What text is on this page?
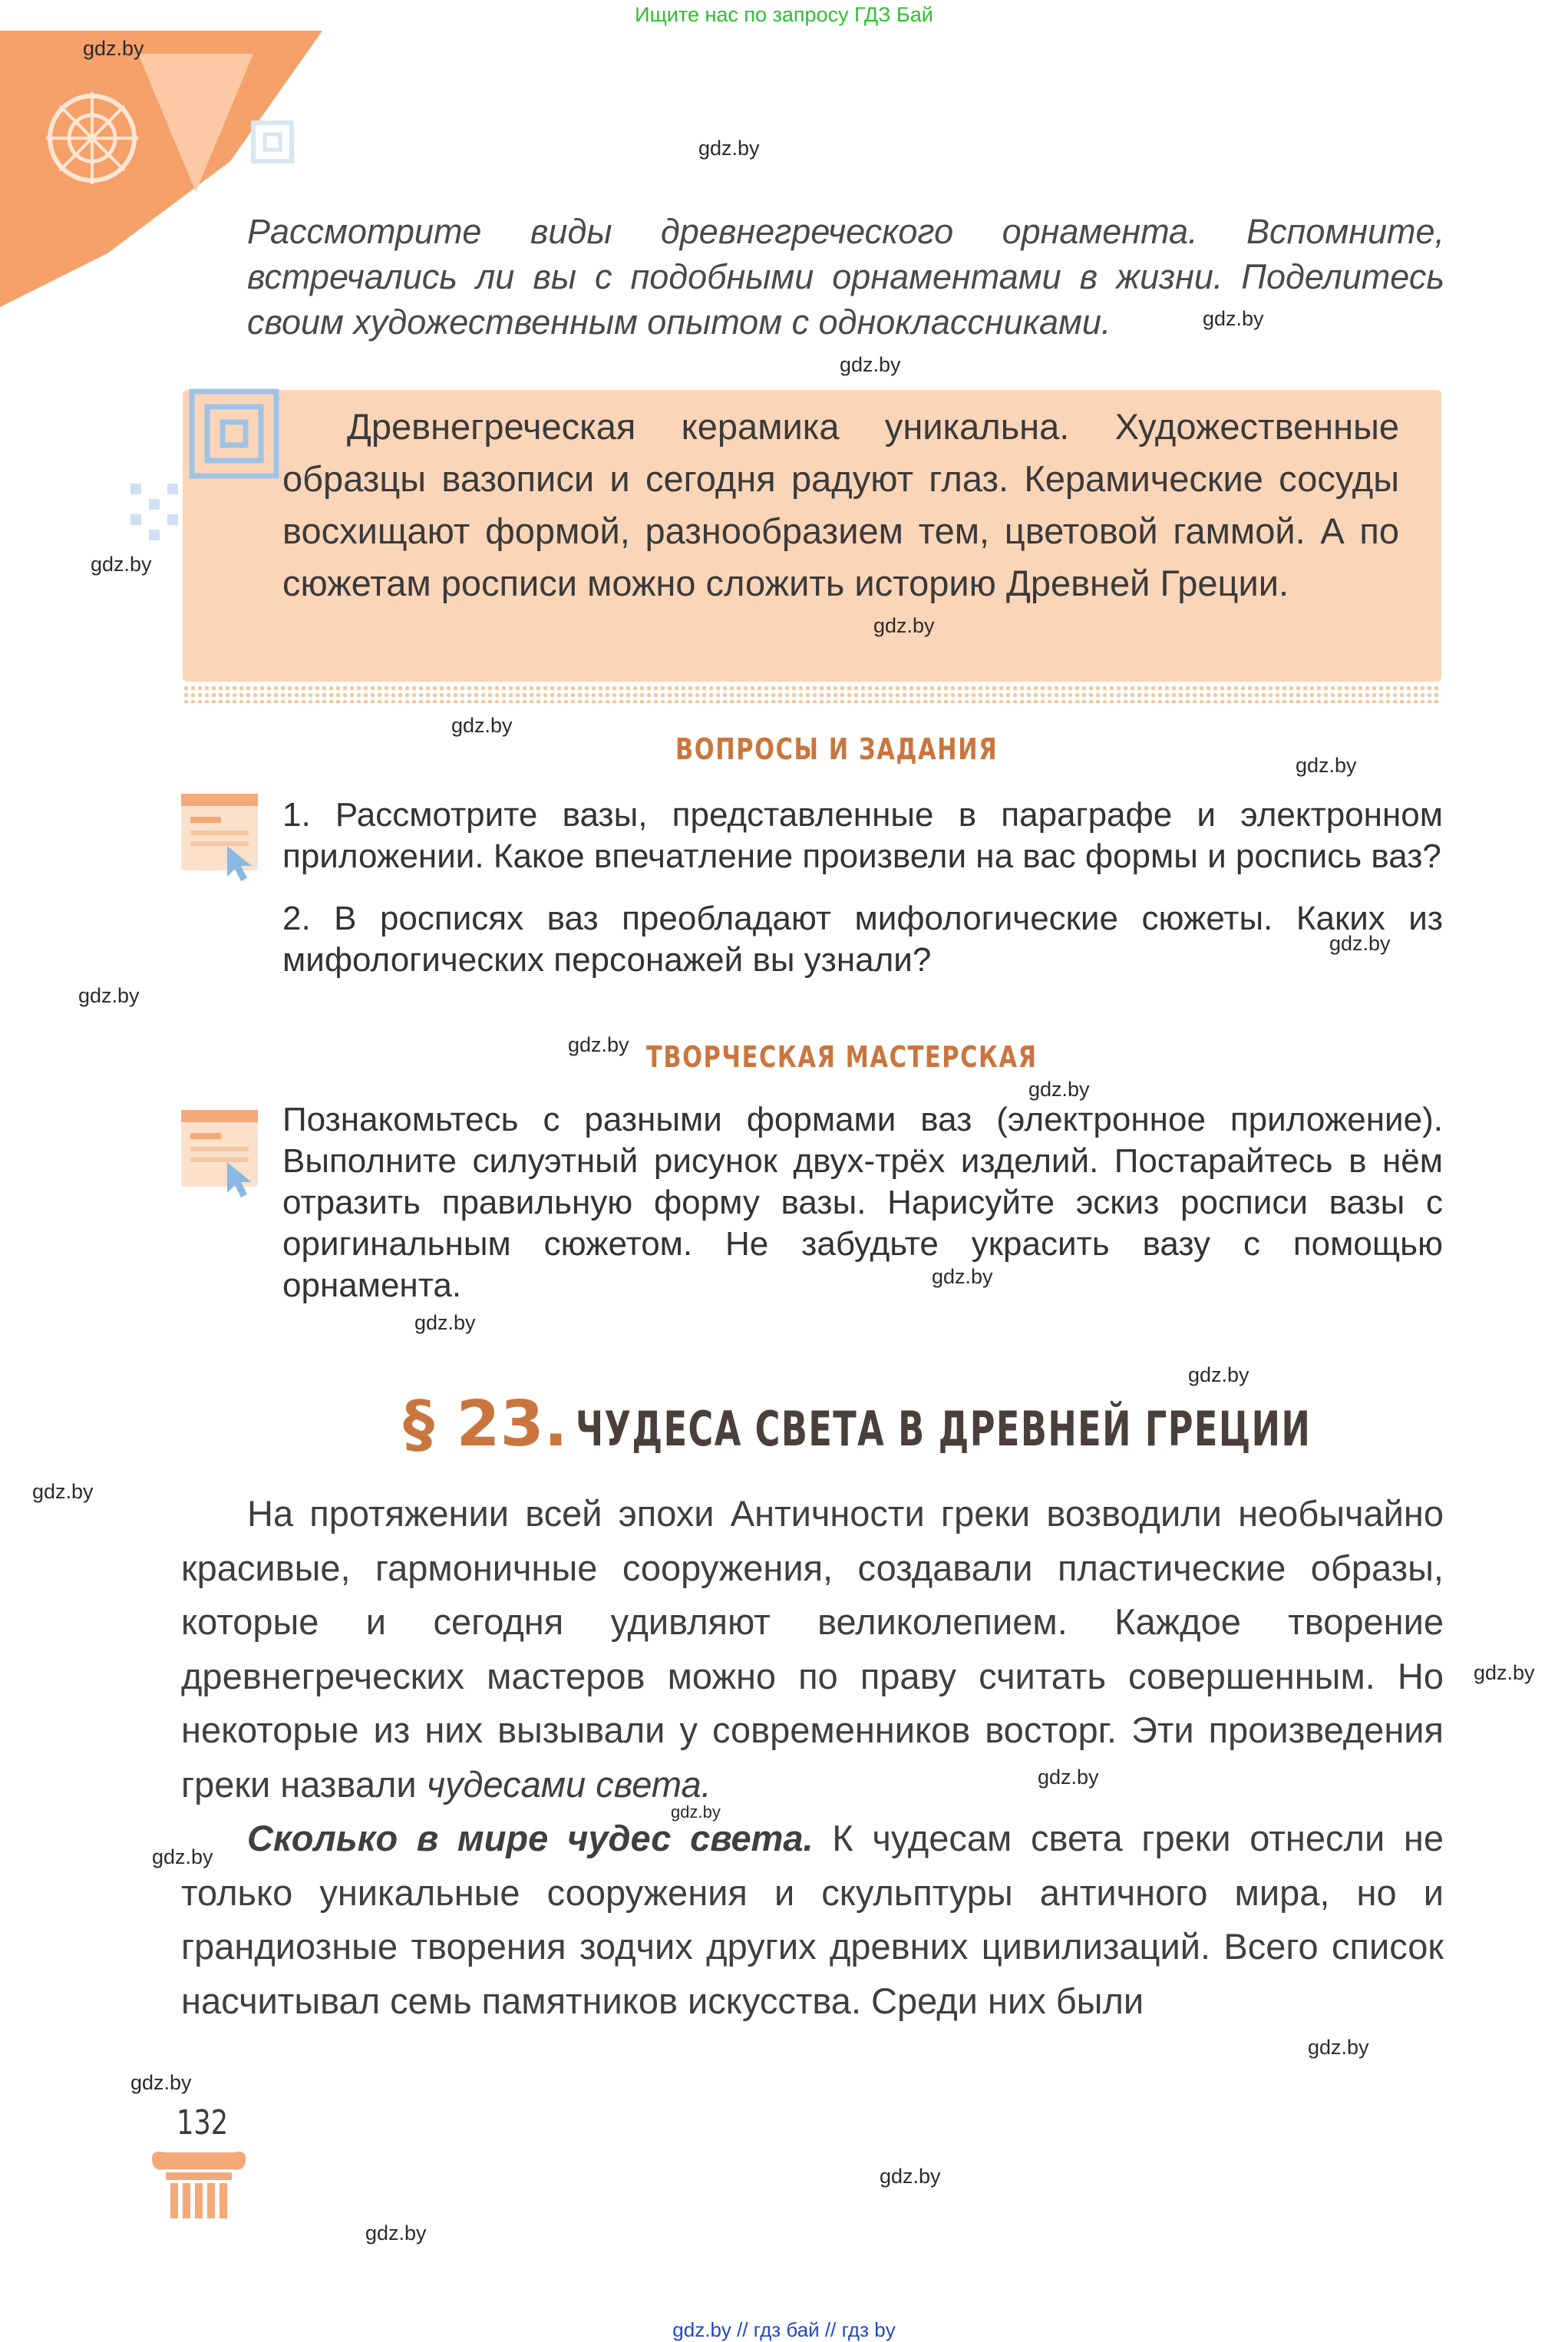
Ищите нас по запросу ГДЗ Бай
Рассмотрите виды древнегреческого орнамента. Вспомните, встречались ли вы с подобными орнаментами в жизни. Поделитесь своим художественным опытом с одноклассниками.
Древнегреческая керамика уникальна. Художественные образцы вазописи и сегодня радуют глаз. Керамические сосуды восхищают формой, разнообразием тем, цветовой гаммой. А по сюжетам росписи можно сложить историю Древней Греции.
ВОПРОСЫ И ЗАДАНИЯ
1. Рассмотрите вазы, представленные в параграфе и электронном приложении. Какое впечатление произвели на вас формы и роспись ваз?
2. В росписях ваз преобладают мифологические сюжеты. Каких из мифологических персонажей вы узнали?
ТВОРЧЕСКАЯ МАСТЕРСКАЯ
Познакомьтесь с разными формами ваз (электронное приложение). Выполните силуэтный рисунок двух-трёх изделий. Постарайтесь в нём отразить правильную форму вазы. Нарисуйте эскиз росписи вазы с оригинальным сюжетом. Не забудьте украсить вазу с помощью орнамента.
§ 23. ЧУДЕСА СВЕТА В ДРЕВНЕЙ ГРЕЦИИ

На протяжении всей эпохи Античности греки возводили необычайно красивые, гармоничные сооружения, создавали пластические образы, которые и сегодня удивляют великолепием. Каждое творение древнегреческих мастеров можно по праву считать совершенным. Но некоторые из них вызывали у современников восторг. Эти произведения греки назвали чудесами света.

Сколько в мире чудес света. К чудесам света греки отнесли не только уникальные сооружения и скульптуры античного мира, но и грандиозные творения зодчих других древних цивилизаций. Всего список насчитывал семь памятников искусства. Среди них были

132
gdz.by
gdz.by
gdz.by
gdz.by
gdz.by
gdz.by
gdz.by
gdz.by
gdz.by
gdz.by
gdz.by
gdz.by
gdz.by
gdz.by
gdz.by
gdz.by
gdz.by
gdz.by
gdz.by
gdz.by
gdz.by
gdz.by
gdz.by
gdz.by
gdz.by // гдз бай // гдз by
